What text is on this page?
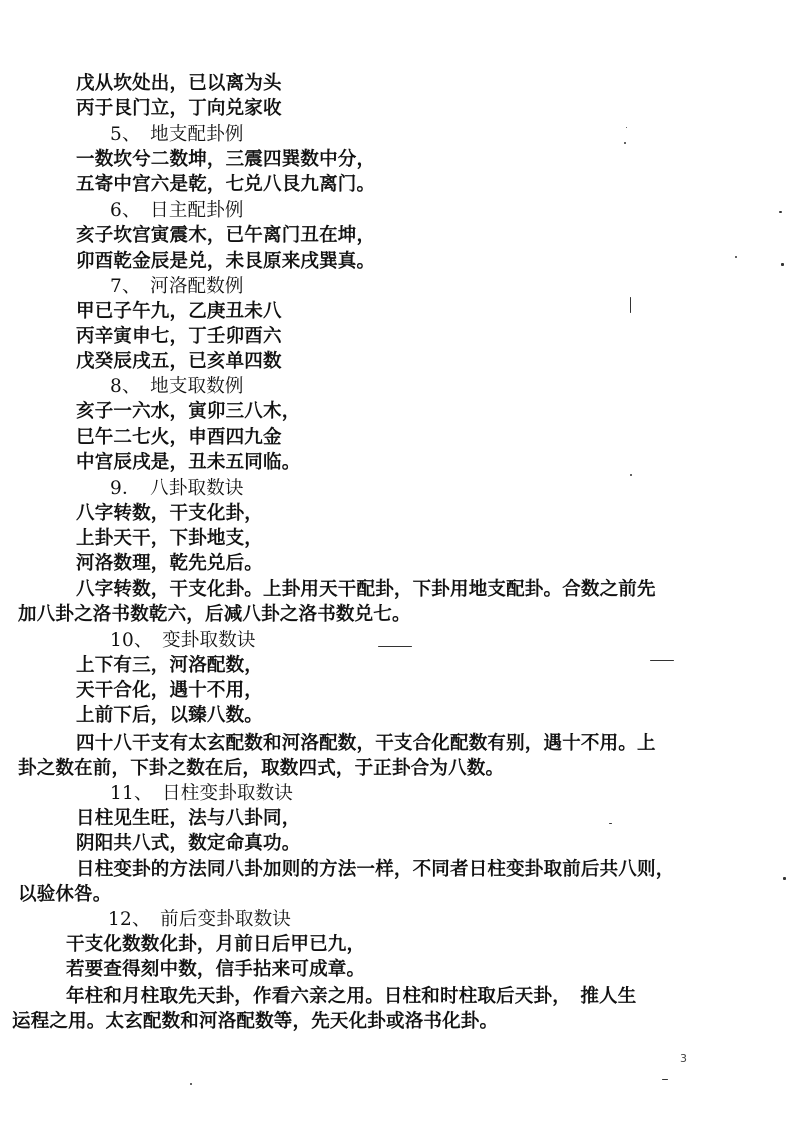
戊从坎处出，已以离为头
丙于艮门立，丁向兑家收
5、　地支配卦例
一数坎兮二数坤，三震四巽数中分，
五寄中宫六是乾，七兑八艮九离门。
6、　日主配卦例
亥子坎宫寅震木，已午离门丑在坤，
卯酉乾金辰是兑，未艮原来戌巽真。
7、　河洛配数例
甲已子午九，乙庚丑未八
丙辛寅申七，丁壬卯酉六
戊癸辰戌五，已亥单四数
8、　地支取数例
亥子一六水，寅卯三八木，
巳午二七火，申酉四九金
中宫辰戌是，丑未五同临。
9．　八卦取数诀
八字转数，干支化卦，
上卦天干，下卦地支，
河洛数理，乾先兑后。
八字转数，干支化卦。上卦用天干配卦，下卦用地支配卦。合数之前先
加八卦之洛书数乾六，后减八卦之洛书数兑七。
10、　变卦取数诀
上下有三，河洛配数，
天干合化，遇十不用，
上前下后，以臻八数。
四十八干支有太玄配数和河洛配数，干支合化配数有别，遇十不用。上
卦之数在前，下卦之数在后，取数四式，于正卦合为八数。
11、　日柱变卦取数诀
日柱见生旺，法与八卦同，
阴阳共八式，数定命真功。
日柱变卦的方法同八卦加则的方法一样，不同者日柱变卦取前后共八则，
以验休咎。
12、　前后变卦取数诀
干支化数数化卦，月前日后甲已九，
若要查得刻中数，信手拈来可成章。
年柱和月柱取先天卦，作看六亲之用。日柱和时柱取后天卦，　推人生
运程之用。太玄配数和河洛配数等，先天化卦或洛书化卦。
3
